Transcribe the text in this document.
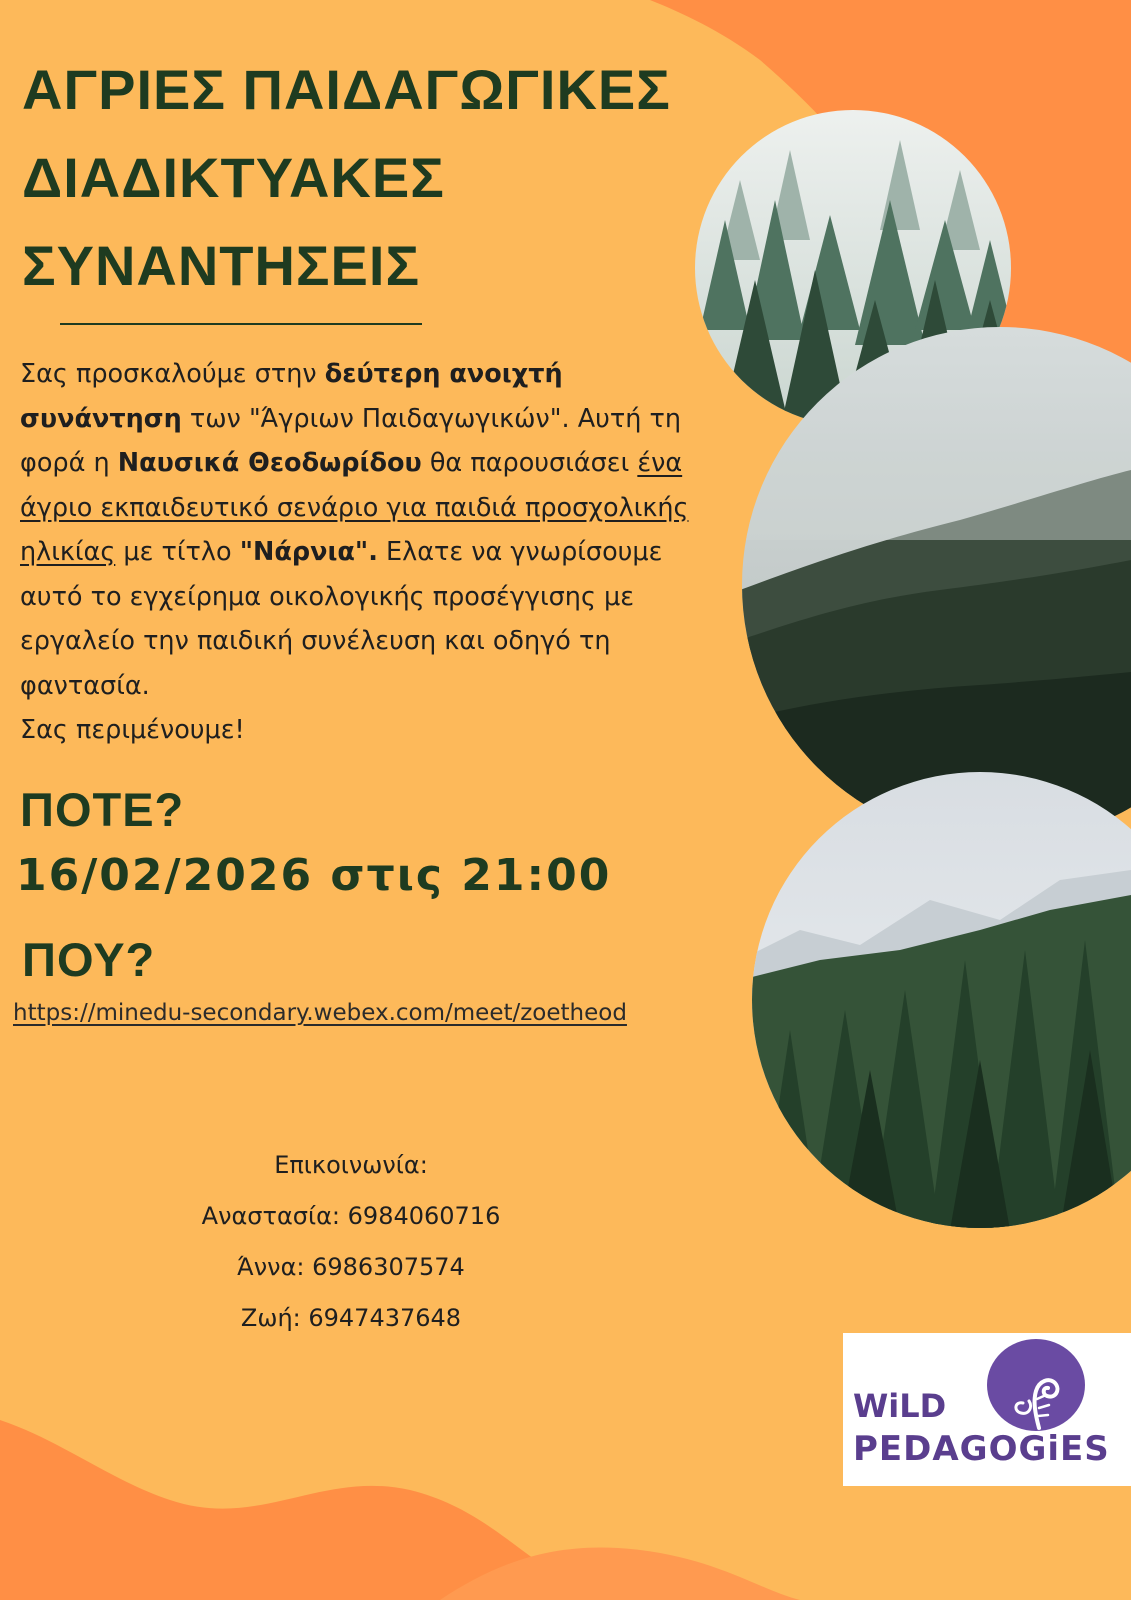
ΑΓΡΙΕΣ ΠΑΙΔΑΓΩΓΙΚΕΣ
ΔΙΑΔΙΚΤΥΑΚΕΣ
ΣΥΝΑΝΤΗΣΕΙΣ
Σας προσκαλούμε στην δεύτερη ανοιχτή συνάντηση των "Άγριων Παιδαγωγικών". Αυτή τη φορά η Ναυσικά Θεοδωρίδου θα παρουσιάσει ένα άγριο εκπαιδευτικό σενάριο για παιδιά προσχολικής ηλικίας με τίτλο "Νάρνια". Ελατε να γνωρίσουμε αυτό το εγχείρημα οικολογικής προσέγγισης με εργαλείο την παιδική συνέλευση και οδηγό τη φαντασία.
Σας περιμένουμε!
ΠΟΤΕ?
16/02/2026 στις 21:00
ΠΟΥ?
https://minedu-secondary.webex.com/meet/zoetheod
Επικοινωνία:
Αναστασία: 6984060716
Άννα: 6986307574
Ζωή: 6947437648
WiLD
PEDAGOGiES
